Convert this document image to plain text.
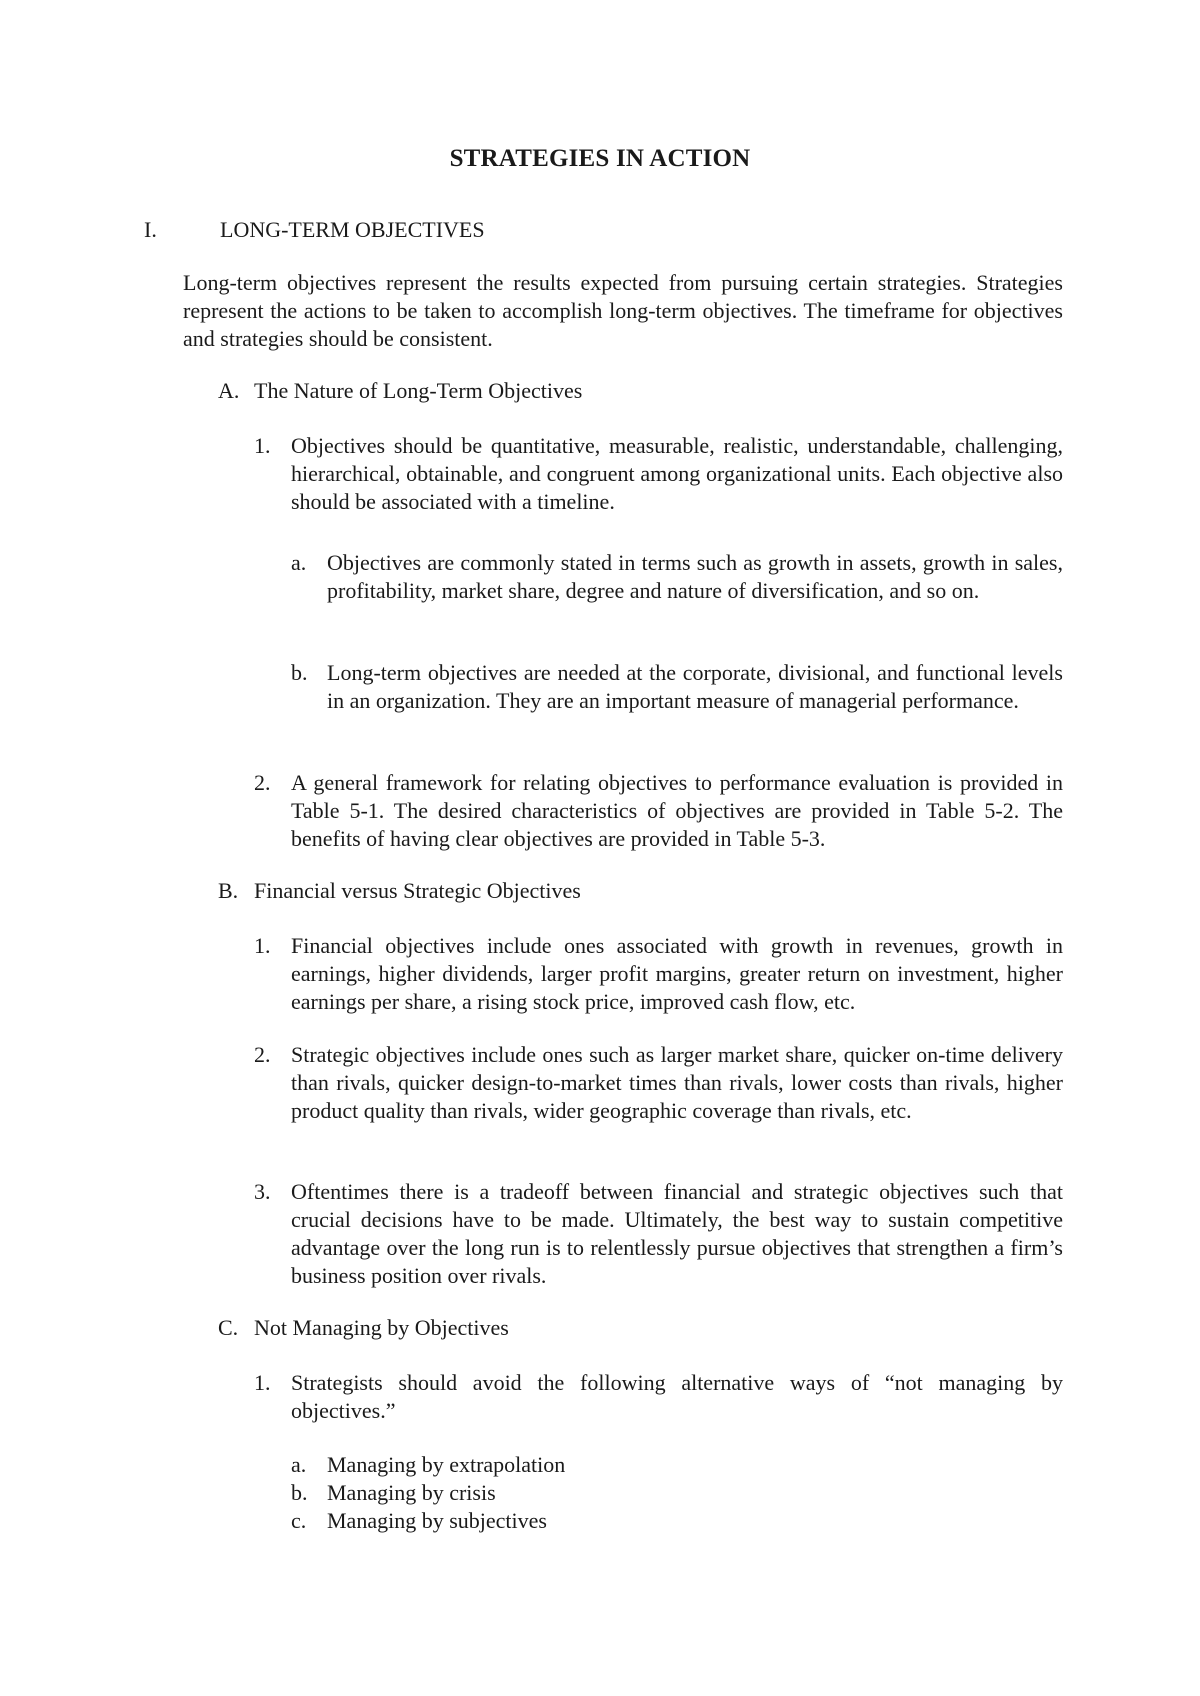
STRATEGIES IN ACTION
I.	LONG-TERM OBJECTIVES
Long-term objectives represent the results expected from pursuing certain strategies. Strategies represent the actions to be taken to accomplish long-term objectives. The timeframe for objectives and strategies should be consistent.
A. The Nature of Long-Term Objectives
1. Objectives should be quantitative, measurable, realistic, understandable, challenging, hierarchical, obtainable, and congruent among organizational units. Each objective also should be associated with a timeline.
a. Objectives are commonly stated in terms such as growth in assets, growth in sales, profitability, market share, degree and nature of diversification, and so on.
b. Long-term objectives are needed at the corporate, divisional, and functional levels in an organization. They are an important measure of managerial performance.
2. A general framework for relating objectives to performance evaluation is provided in Table 5-1. The desired characteristics of objectives are provided in Table 5-2. The benefits of having clear objectives are provided in Table 5-3.
B. Financial versus Strategic Objectives
1. Financial objectives include ones associated with growth in revenues, growth in earnings, higher dividends, larger profit margins, greater return on investment, higher earnings per share, a rising stock price, improved cash flow, etc.
2. Strategic objectives include ones such as larger market share, quicker on-time delivery than rivals, quicker design-to-market times than rivals, lower costs than rivals, higher product quality than rivals, wider geographic coverage than rivals, etc.
3. Oftentimes there is a tradeoff between financial and strategic objectives such that crucial decisions have to be made. Ultimately, the best way to sustain competitive advantage over the long run is to relentlessly pursue objectives that strengthen a firm’s business position over rivals.
C. Not Managing by Objectives
1. Strategists should avoid the following alternative ways of “not managing by objectives.”
a. Managing by extrapolation
b. Managing by crisis
c. Managing by subjectives
